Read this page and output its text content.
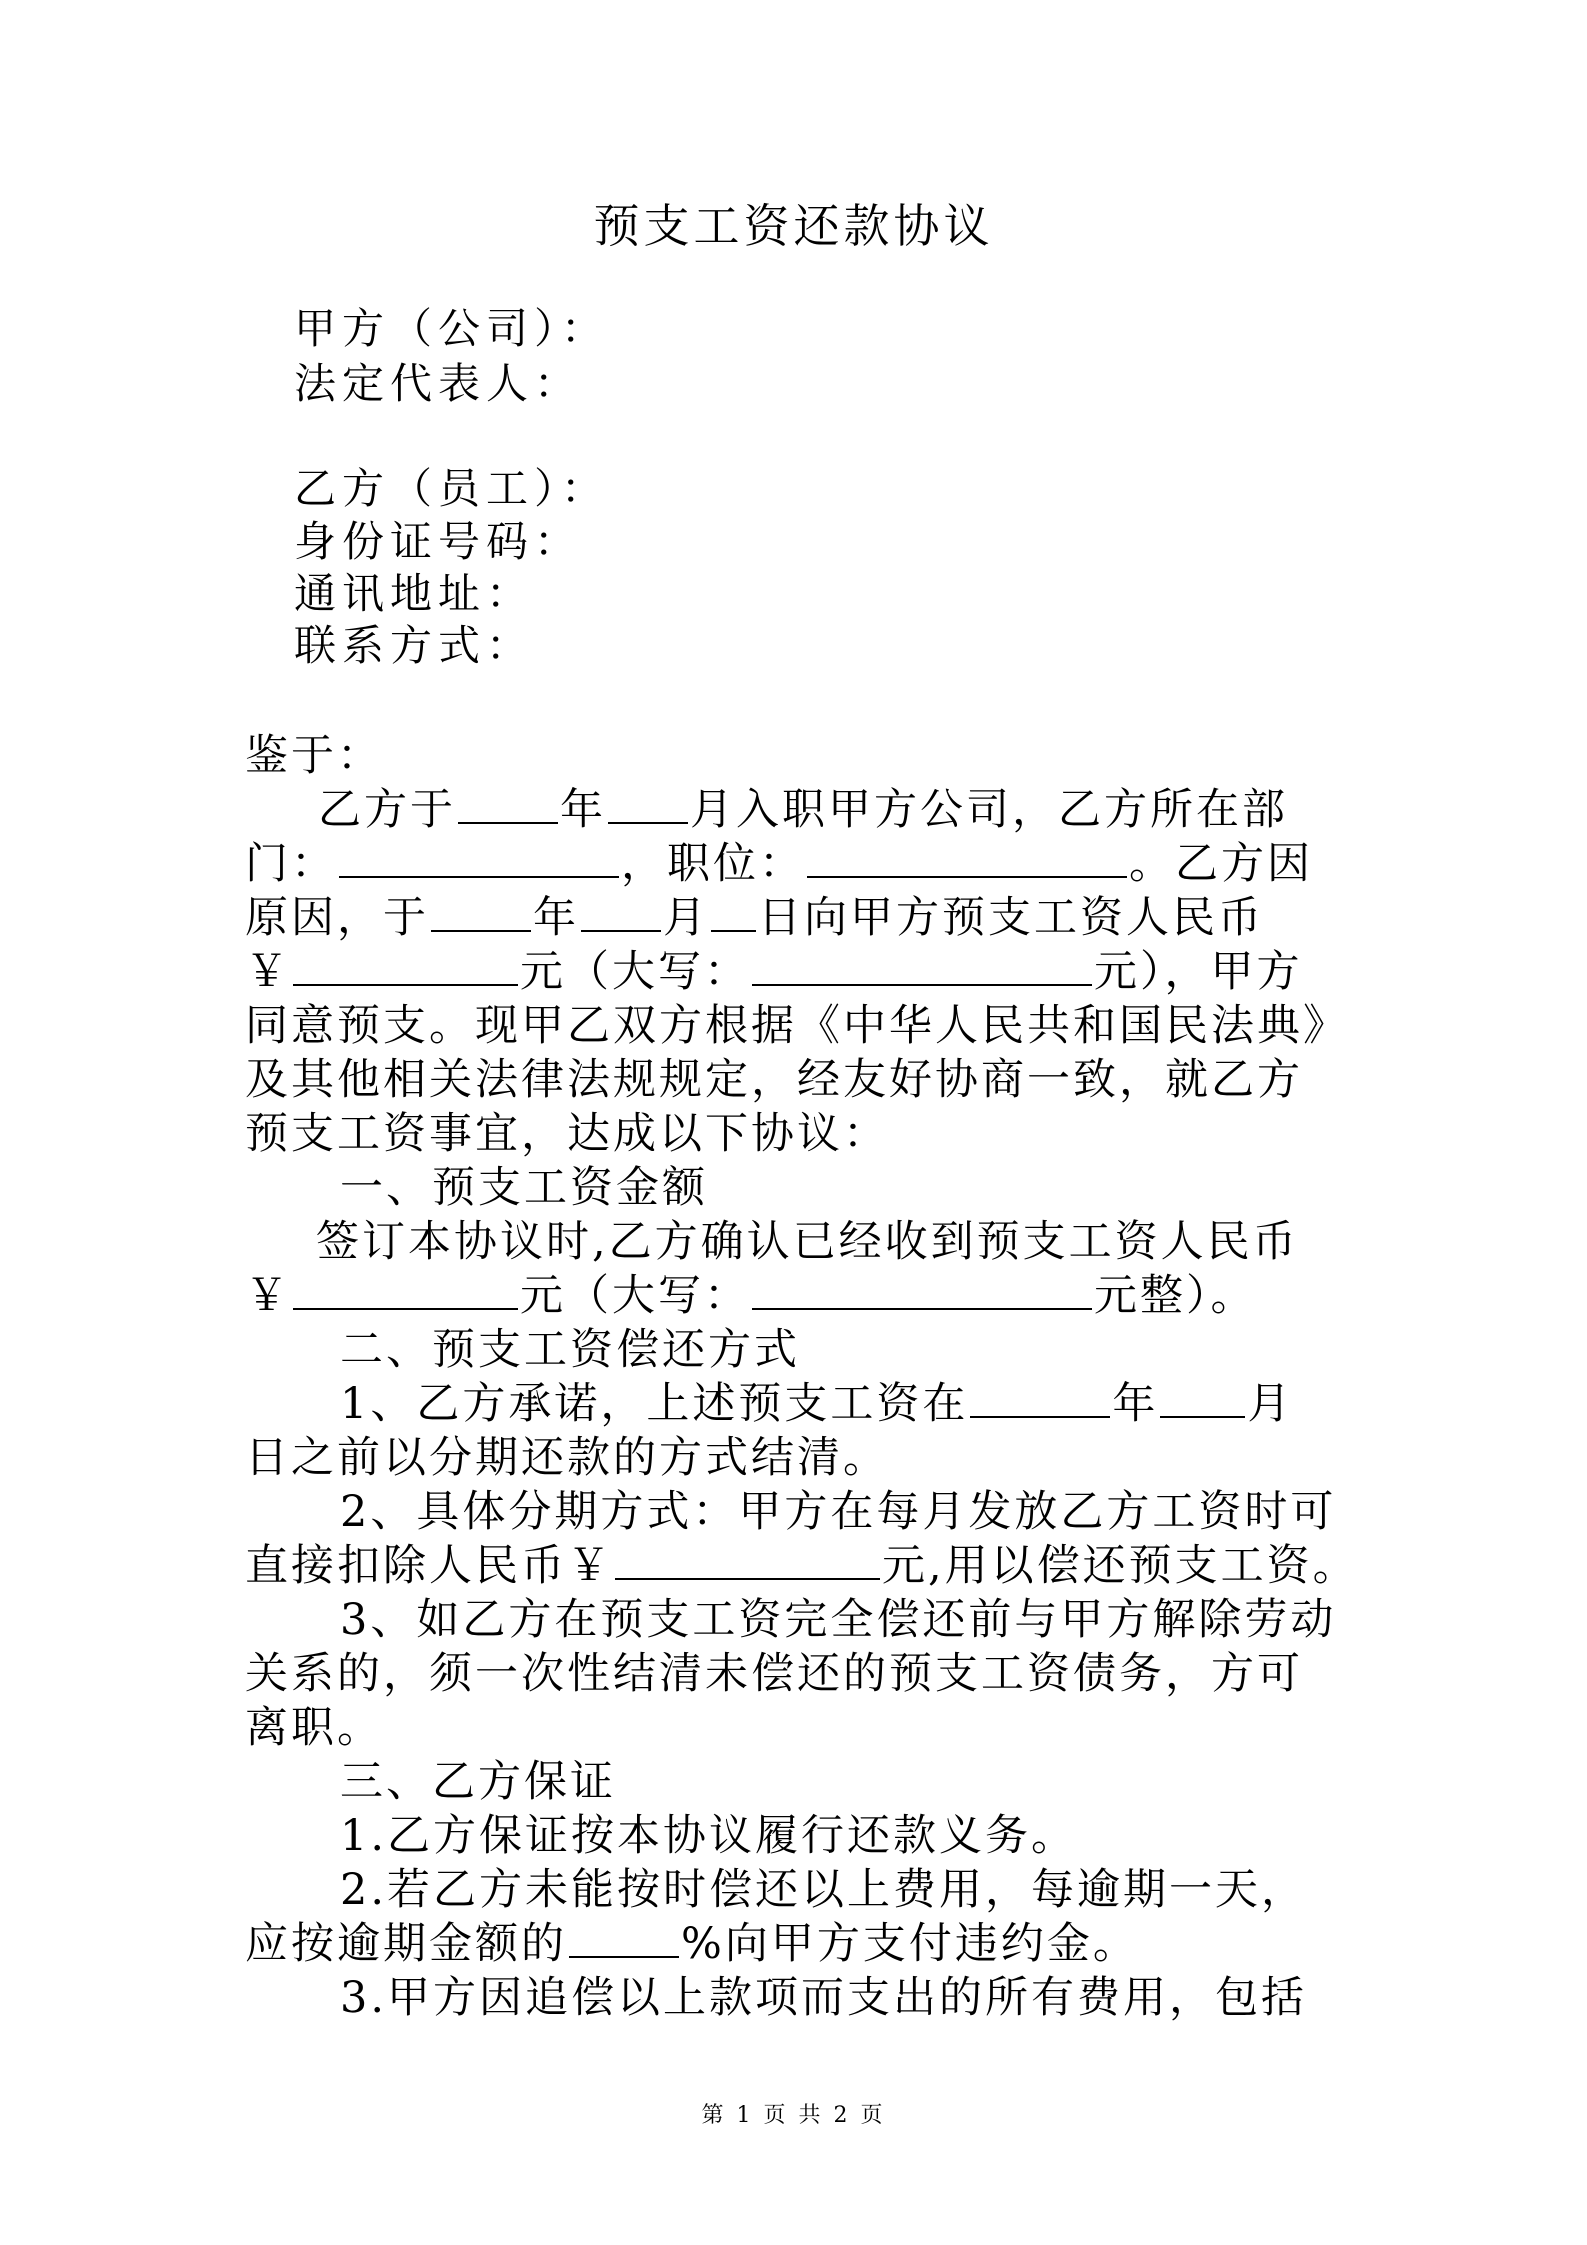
预支工资还款协议
甲方（公司）：
法定代表人：
乙方（员工）：
身份证号码：
通讯地址：
联系方式：
鉴于：
乙方于 年 月入职甲方公司，乙方所在部
门：	，职位：	。乙方因
原因，于 年 月 日向甲方预支工资人民币
￥	元（大写：	元），甲方
同意预支。现甲乙双方根据《中华人民共和国民法典》
及其他相关法律法规规定，经友好协商一致，就乙方
预支工资事宜，达成以下协议：
一、预支工资金额
签订本协议时,乙方确认已经收到预支工资人民币
￥	元（大写：	元整）。
二、预支工资偿还方式
1、乙方承诺，上述预支工资在	年 月
日之前以分期还款的方式结清。
2、具体分期方式：甲方在每月发放乙方工资时可
直接扣除人民币￥	元,用以偿还预支工资。
3、如乙方在预支工资完全偿还前与甲方解除劳动
关系的，须一次性结清未偿还的预支工资债务，方可
离职。
三、乙方保证
1.乙方保证按本协议履行还款义务。
2.若乙方未能按时偿还以上费用，每逾期一天，
应按逾期金额的	%向甲方支付违约金。
3.甲方因追偿以上款项而支出的所有费用，包括
第 1 页 共 2 页
